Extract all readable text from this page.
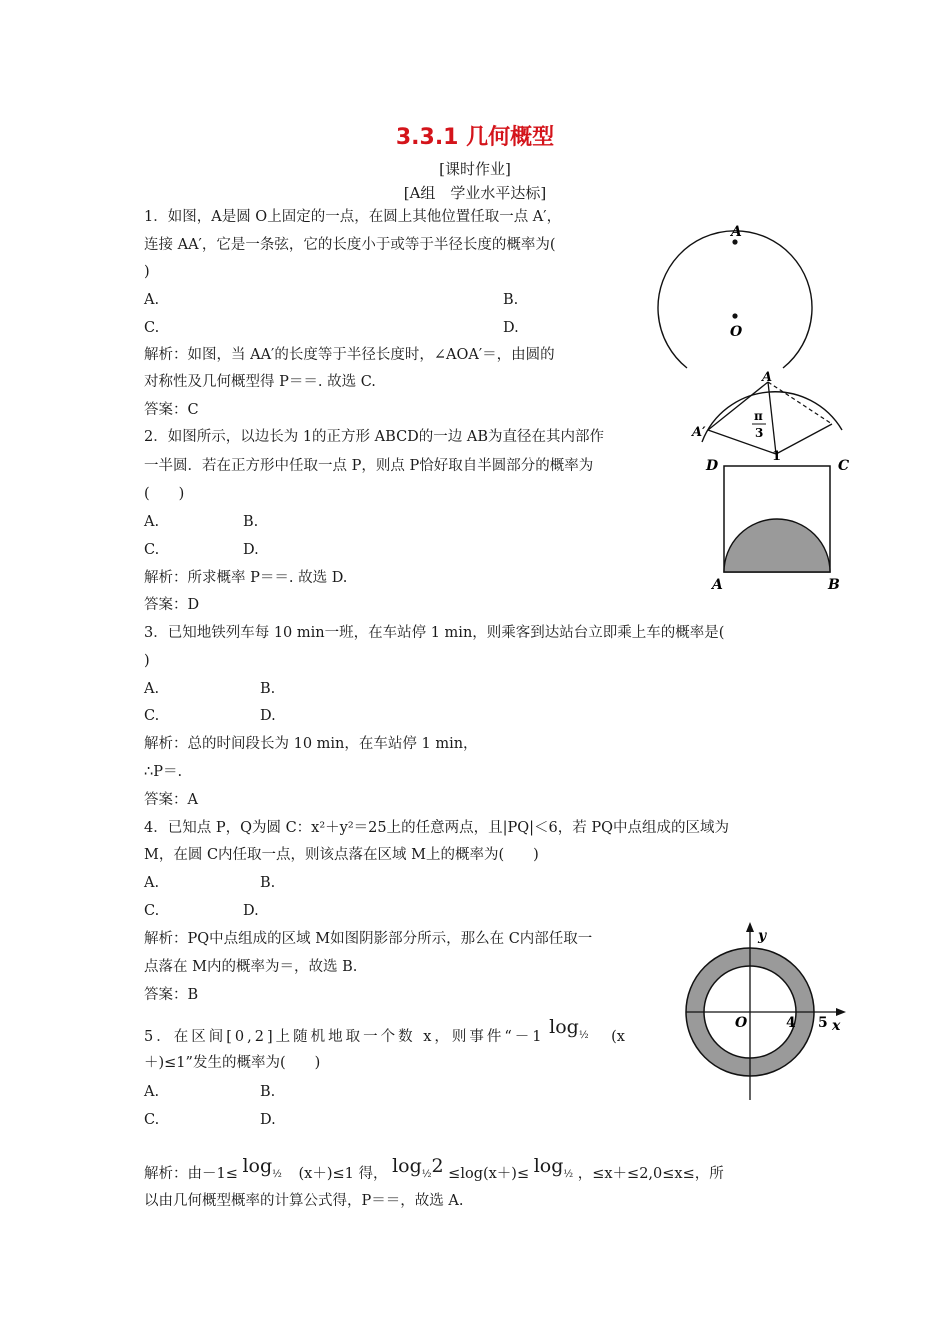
3.3.1 几何概型
[课时作业]
[A组　学业水平达标]
1．如图，A是圆 O上固定的一点，在圆上其他位置任取一点 A′，
连接 AA′，它是一条弦，它的长度小于或等于半径长度的概率为(
)
A.	B.
C.	D.
解析：如图，当 AA′的长度等于半径长度时，∠AOA′＝，由圆的
对称性及几何概型得 P＝＝. 故选 C.
答案：C
2．如图所示，以边长为 1的正方形 ABCD的一边 AB为直径在其内部作
一半圆．若在正方形中任取一点 P，则点 P恰好取自半圆部分的概率为
(　　)
A.	B.
C.	D.
解析：所求概率 P＝＝. 故选 D.
答案：D
3．已知地铁列车每 10 min一班，在车站停 1 min，则乘客到达站台立即乘上车的概率是(
)
A.	B.
C.	D.
解析：总的时间段长为 10 min，在车站停 1 min，
∴P＝.
答案：A
4．已知点 P，Q为圆 C：x²＋y²＝25上的任意两点，且|PQ|＜6，若 PQ中点组成的区域为
M，在圆 C内任取一点，则该点落在区域 M上的概率为(　　)
A.	B.
C.	D.
解析：PQ中点组成的区域 M如图阴影部分所示，那么在 C内部任取一
点落在 M内的概率为＝，故选 B.
答案：B
5．在区间[0,2]上随机地取一个数 x，则事件“－1 $\log_{\frac{1}{2}} (x$
＋)≤1”发生的概率为(　　)
A.	B.
C.	D.
解析：由$-1\le \log_{\frac{1}{2}} (x+)\le 1$ 得， $\log_{\frac{1}{2}}2 \le\log(x+)\le \log_{\frac{1}{2}}$ ，≤x＋≤2,0≤x≤，所
以由几何概型概率的计算公式得，P＝＝，故选 A.
A
O
A
A′
π
3
1
D	C
A	B
y
x
O	4 5
